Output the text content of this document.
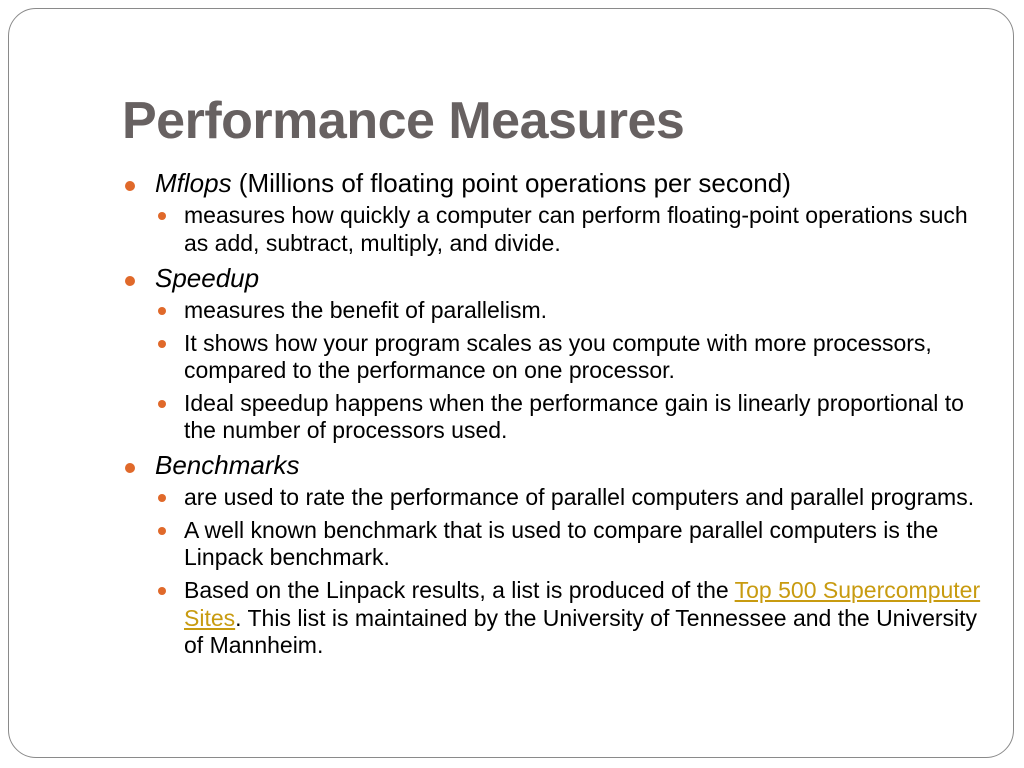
Performance Measures
Mflops (Millions of floating point operations per second)
measures how quickly a computer can perform floating-point operations such as add, subtract, multiply, and divide.
Speedup
measures the benefit of parallelism.
It shows how your program scales as you compute with more processors, compared to the performance on one processor.
Ideal speedup happens when the performance gain is linearly proportional to the number of processors used.
Benchmarks
are used to rate the performance of parallel computers and parallel programs.
A well known benchmark that is used to compare parallel computers is the Linpack benchmark.
Based on the Linpack results, a list is produced of the Top 500 Supercomputer Sites. This list is maintained by the University of Tennessee and the University of Mannheim.
